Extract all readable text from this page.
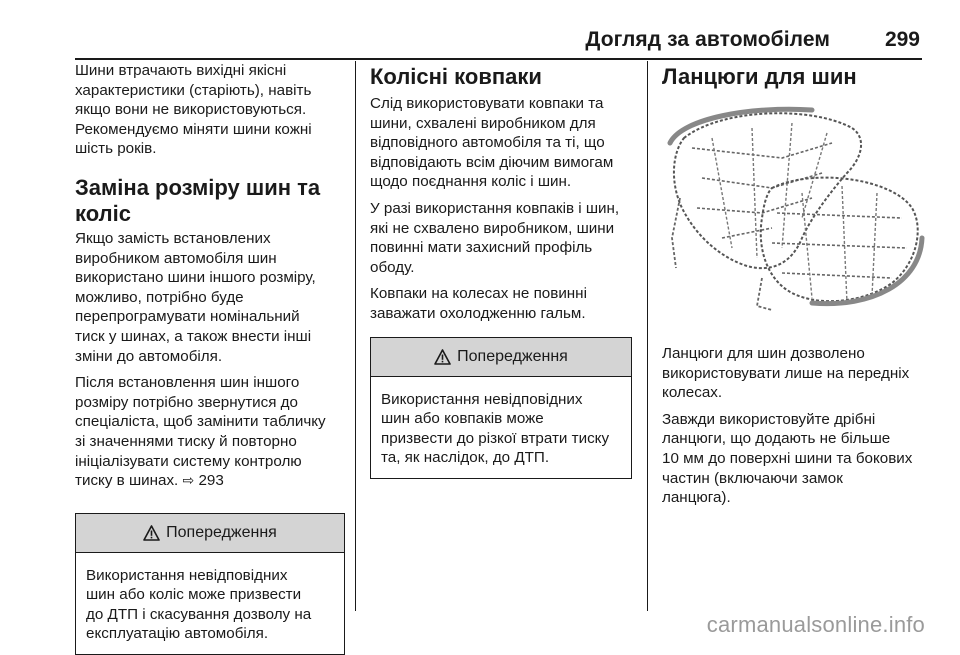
Догляд за автомобілем	299

Шини втрачають вихідні якісні
характеристики (старіють), навіть
якщо вони не використовуються.
Рекомендуємо міняти шини кожні
шість років.

Заміна розміру шин та
коліс

Якщо замість встановлених
виробником автомобіля шин
використано шини іншого розміру,
можливо, потрібно буде
перепрограмувати номінальний
тиск у шинах, а також внести інші
зміни до автомобіля.

Після встановлення шин іншого
розміру потрібно звернутися до
спеціаліста, щоб замінити табличку
зі значеннями тиску й повторно
ініціалізувати систему контролю
тиску в шинах. ⇨ 293

Попередження

Використання невідповідних
шин або коліс може призвести
до ДТП і скасування дозволу на
експлуатацію автомобіля.

Колісні ковпаки

Слід використовувати ковпаки та
шини, схвалені виробником для
відповідного автомобіля та ті, що
відповідають всім діючим вимогам
щодо поєднання коліс і шин.

У разі використання ковпаків і шин,
які не схвалено виробником, шини
повинні мати захисний профіль
ободу.

Ковпаки на колесах не повинні
заважати охолодженню гальм.

Попередження

Використання невідповідних
шин або ковпаків може
призвести до різкої втрати тиску
та, як наслідок, до ДТП.

Ланцюги для шин

Ланцюги для шин дозволено
використовувати лише на передніх
колесах.

Завжди використовуйте дрібні
ланцюги, що додають не більше
10 мм до поверхні шини та бокових
частин (включаючи замок
ланцюга).

carmanualsonline.info
